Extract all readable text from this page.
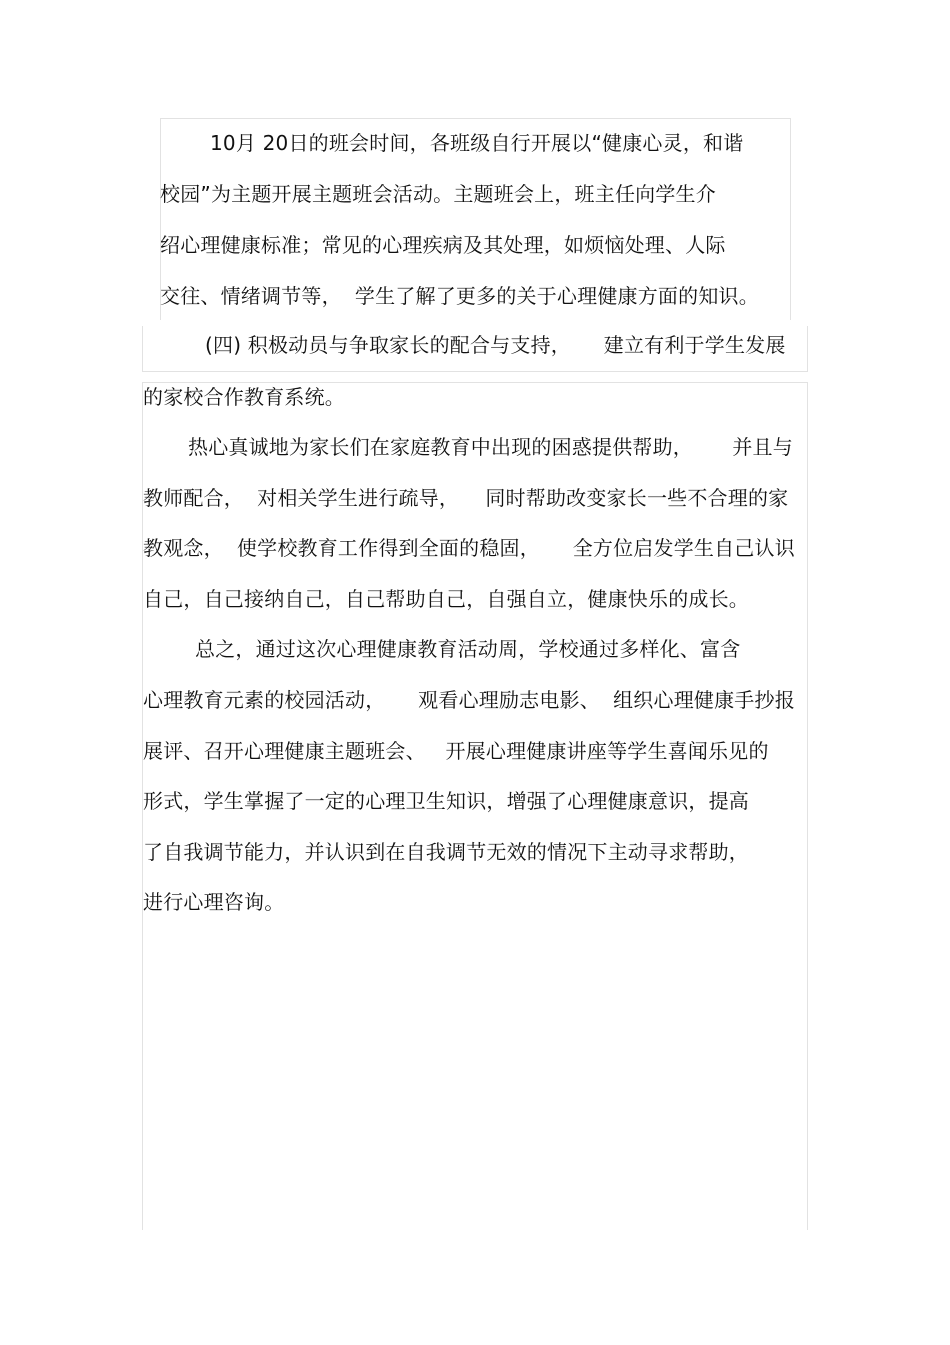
10月 20日的班会时间，各班级自行开展以“健康心灵，和谐
校园”为主题开展主题班会活动。主题班会上，班主任向学生介
绍心理健康标准；常见的心理疾病及其处理，如烦恼处理、人际
交往、情绪调节等，  学生了解了更多的关于心理健康方面的知识。
(四) 积极动员与争取家长的配合与支持，     建立有利于学生发展
的家校合作教育系统。
热心真诚地为家长们在家庭教育中出现的困惑提供帮助，      并且与
教师配合，  对相关学生进行疏导，    同时帮助改变家长一些不合理的家
教观念，  使学校教育工作得到全面的稳固，     全方位启发学生自己认识
自己，自己接纳自己，自己帮助自己，自强自立，健康快乐的成长。
总之，通过这次心理健康教育活动周，学校通过多样化、富含
心理教育元素的校园活动，     观看心理励志电影、  组织心理健康手抄报
展评、召开心理健康主题班会、   开展心理健康讲座等学生喜闻乐见的
形式，学生掌握了一定的心理卫生知识，增强了心理健康意识，提高
了自我调节能力，并认识到在自我调节无效的情况下主动寻求帮助，
进行心理咨询。
